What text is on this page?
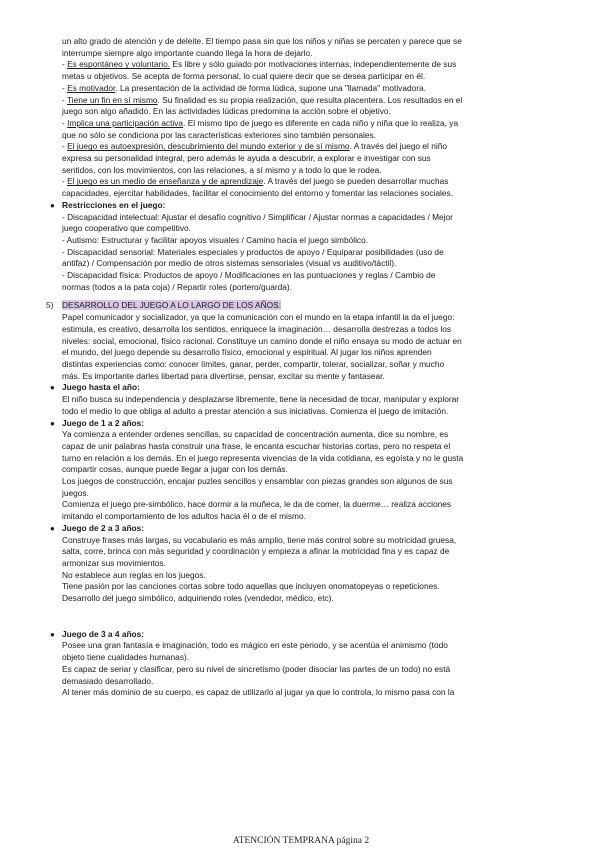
un alto grado de atención y de deleite. El tiempo pasa sin que los niños y niñas se percaten y parece que se

interrumpe siempre algo importante cuando llega la hora de dejarlo.

- Es espontáneo y voluntario. Es libre y sólo guiado por motivaciones internas, independientemente de sus

metas u objetivos. Se acepta de forma personal, lo cual quiere decir que se desea participar en él.

- Es motivador. La presentación de la actividad de forma lúdica, supone una "llamada" motivadora.

- Tiene un fin en sí mismo. Su finalidad es su propia realización, que resulta placentera. Los resultados en el

juego son algo añadido. En las actividades lúdicas predomina la acción sobre el objetivo.

- Implica una participación activa. El mismo tipo de juego es diferente en cada niño y niña que lo realiza, ya

que no sólo se condiciona por las características exteriores sino también personales.

- El juego es autoexpresión, descubrimiento del mundo exterior y de sí mismo. A través del juego el niño

expresa su personalidad integral, pero además le ayuda a descubrir, a explorar e investigar con sus

sentidos, con los movimientos, con las relaciones, a sí mismo y a todo lo que le rodea.

- El juego es un medio de enseñanza y de aprendizaje. A través del juego se pueden desarrollar muchas

capacidades, ejercitar habilidades, facilitar el conocimiento del entorno y fomentar las relaciones sociales.

● Restricciones en el juego:

- Discapacidad intelectual: Ajustar el desafío cognitivo / Simplificar / Ajustar normas a capacidades / Mejor

juego cooperativo que competitivo.

- Autismo: Estructurar y facilitar apoyos visuales / Camino hacia el juego simbólico.

- Discapacidad sensorial: Materiales especiales y productos de apoyo / Equiparar posibilidades (uso de

antifaz) / Compensación por medio de otros sistemas sensoriales (visual vs auditivo/táctil).

- Discapacidad física: Productos de apoyo / Modificaciones en las puntuaciones y reglas / Cambio de

normas (todos a la pata coja) / Repartir roles (portero/guarda).

5) DESARROLLO DEL JUEGO A LO LARGO DE LOS AÑOS:

Papel comunicador y socializador, ya que la comunicación con el mundo en la etapa infantil la da el juego:

estimula, es creativo, desarrolla los sentidos, enriquece la imaginación… desarrolla destrezas a todos los

niveles: social, emocional, físico racional. Constituye un camino donde el niño ensaya su modo de actuar en

el mundo, del juego depende su desarrollo físico, emocional y espiritual. Al jugar los niños aprenden

distintas experiencias como: conocer límites, ganar, perder, compartir, tolerar, socializar, soñar y mucho

más. Es importante darles libertad para divertirse, pensar, excitar su mente y fantasear.

● Juego hasta el año:

El niño busca su independencia y desplazarse libremente, tiene la necesidad de tocar, manipular y explorar

todo el medio lo que obliga al adulto a prestar atención a sus iniciativas. Comienza el juego de imitación.

● Juego de 1 a 2 años:

Ya comienza a entender ordenes sencillas, su capacidad de concentración aumenta, dice su nombre, es

capaz de unir palabras hasta construir una frase, le encanta escuchar historias cortas, pero no respeta el

turno en relación a los demás. En el juego representa vivencias de la vida cotidiana, es egoísta y no le gusta

compartir cosas, aunque puede llegar a jugar con los demás.

Los juegos de construcción, encajar puzles sencillos y ensamblar con piezas grandes son algunos de sus

juegos.

Comienza el juego pre-simbólico, hace dormir a la muñeca, le da de comer, la duerme… realiza acciones

imitando el comportamiento de los adultos hacia él o de el mismo.

● Juego de 2 a 3 años:

Construye frases más largas, su vocabulario es más amplio, tiene más control sobre su motricidad gruesa,

salta, corre, brinca con más seguridad y coordinación y empieza a afinar la motricidad fina y es capaz de

armonizar sus movimientos.

No establece aun reglas en los juegos.

Tiene pasión por las canciones cortas sobre todo aquellas que incluyen onomatopeyas o repeticiones.

Desarrollo del juego simbólico, adquiriendo roles (vendedor, médico, etc).

● Juego de 3 a 4 años:

Posee una gran fantasía e imaginación, todo es mágico en este periodo, y se acentúa el animismo (todo

objeto tiene cualidades humanas).

Es capaz de seriar y clasificar, pero su nivel de sincretismo (poder disociar las partes de un todo) no está

demasiado desarrollado.

Al tener más dominio de su cuerpo, es capaz de utilizarlo al jugar ya que lo controla, lo mismo pasa con la

ATENCIÓN TEMPRANA página 2
